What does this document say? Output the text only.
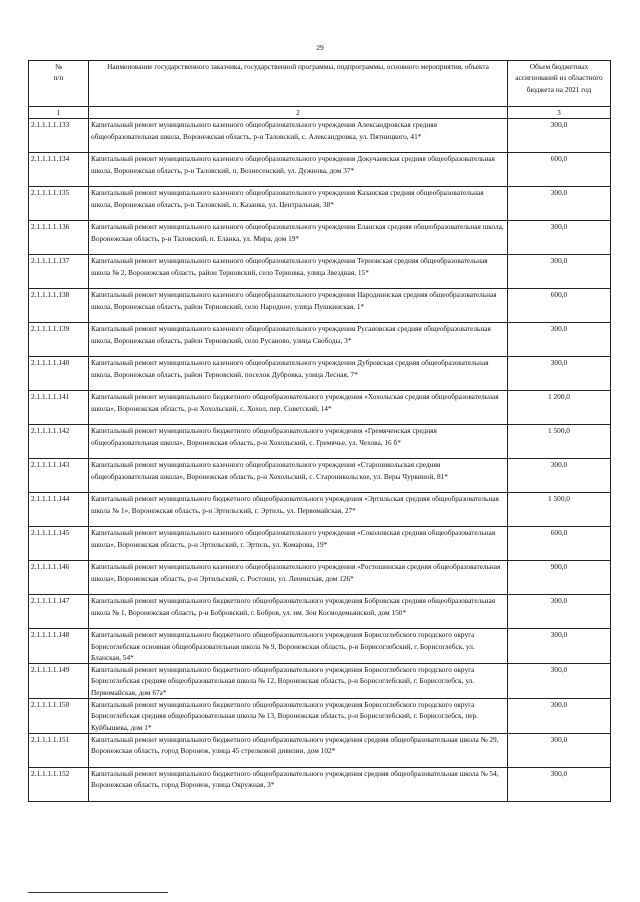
29
№
п/п	Наименование государственного заказчика, государственной программы, подпрограммы, основного мероприятия, объекта	Объем бюджетных ассигнований из областного бюджета на 2021 год
1	2	3
2.1.1.1.1.133	Капитальный ремонт муниципального казенного общеобразовательного учреждения Александровская средняя общеобразовательная школа, Воронежская область, р-н Таловский, с. Александровка, ул. Пятницкого, 41*	300,0
2.1.1.1.1.134	Капитальный ремонт муниципального казенного общеобразовательного учреждения Докучаевская средняя общеобразовательная школа, Воронежская область, р-н Таловский, п. Вознесенский, ул. Дужнова, дом 37*	600,0
2.1.1.1.1.135	Капитальный ремонт муниципального казенного общеобразовательного учреждения Казанская средняя общеобразовательная школа, Воронежская область, р-н Таловский, п. Казанка, ул. Центральная, 38*	300,0
2.1.1.1.1.136	Капитальный ремонт муниципального казенного общеобразовательного учреждения Еланская средняя общеобразовательная школа, Воронежская область, р-н Таловский, п. Еланка, ул. Мира, дом 19*	300,0
2.1.1.1.1.137	Капитальный ремонт муниципального казенного общеобразовательного учреждения Терновская средняя общеобразовательная школа № 2, Воронежская область, район Терновский, село Терновка, улица Звездная, 15*	300,0
2.1.1.1.1.138	Капитальный ремонт муниципального казенного общеобразовательного учреждения Народнинская средняя общеобразовательная школа, Воронежская область, район Терновский, село Народное, улица Пушкинская, 1*	600,0
2.1.1.1.1.139	Капитальный ремонт муниципального казенного общеобразовательного учреждения Русановская средняя общеобразовательная школа, Воронежская область, район Терновский, село Русаново, улица Свободы, 3*	300,0
2.1.1.1.1.140	Капитальный ремонт муниципального казенного общеобразовательного учреждения Дубровская средняя общеобразовательная школа, Воронежская область, район Терновский, поселок Дубровка, улица Лесная, 7*	300,0
2.1.1.1.1.141	Капитальный ремонт муниципального бюджетного общеобразовательного учреждения «Хохольская средняя общеобразовательная школа», Воронежская область, р-н Хохольский, с. Хохол, пер. Советский, 14*	1 200,0
2.1.1.1.1.142	Капитальный ремонт муниципального бюджетного общеобразовательного учреждения «Гремяченская средняя общеобразовательная школа», Воронежская область, р-н Хохольский, с. Гремячье, ул. Чехова, 16 б*	1 500,0
2.1.1.1.1.143	Капитальный ремонт муниципального казенного общеобразовательного учреждения «Староникольская средняя общеобразовательная школа», Воронежская область, р-н Хохольский, с. Староникольское, ул. Веры Чуркиной, 81*	300,0
2.1.1.1.1.144	Капитальный ремонт муниципального бюджетного общеобразовательного учреждения «Эртильская средняя общеобразовательная школа № 1», Воронежская область, р-н Эртильский, г. Эртиль, ул. Первомайская, 27*	1 500,0
2.1.1.1.1.145	Капитальный ремонт муниципального казенного общеобразовательного учреждения «Соколовская средняя общеобразовательная школа», Воронежская область, р-н Эртильский, г. Эртиль, ул. Комарова, 19*	600,0
2.1.1.1.1.146	Капитальный ремонт муниципального казенного общеобразовательного учреждения «Ростошинская средняя общеобразовательная школа», Воронежская область, р-н Эртильский, с. Ростоши, ул. Ленинская, дом 126*	900,0
2.1.1.1.1.147	Капитальный ремонт муниципального бюджетного общеобразовательного учреждения Бобровская средняя общеобразовательная школа № 1, Воронежская область, р-н Бобровский, г. Бобров, ул. им. Зои Космодемьянской, дом 150*	300,0
2.1.1.1.1.148	Капитальный ремонт муниципального бюджетного общеобразовательного учреждения Борисоглебского городского округа Борисоглебская основная общеобразовательная школа № 9, Воронежская область, р-н Борисоглебский, г. Борисоглебск, ул. Бланская, 54*	300,0
2.1.1.1.1.149	Капитальный ремонт муниципального бюджетного общеобразовательного учреждения Борисоглебского городского округа Борисоглебская средняя общеобразовательная школа № 12, Воронежская область, р-н Борисоглебский, г. Борисоглебск, ул. Первомайская, дом 67а*	300,0
2.1.1.1.1.150	Капитальный ремонт муниципального бюджетного общеобразовательного учреждения Борисоглебского городского округа Борисоглебская средняя общеобразовательная школа № 13, Воронежская область, р-н Борисоглебский, г. Борисоглебск, пер. Куйбышева, дом 1*	300,0
2.1.1.1.1.151	Капитальный ремонт муниципального бюджетного общеобразовательного учреждения средняя общеобразовательная школа № 29, Воронежская область, город Воронеж, улица 45 стрелковой дивизии, дом 102*	300,0
2.1.1.1.1.152	Капитальный ремонт муниципального бюджетного общеобразовательного учреждения средняя общеобразовательная школа № 54, Воронежская область, город Воронеж, улица Окружная, 3*	300,0
